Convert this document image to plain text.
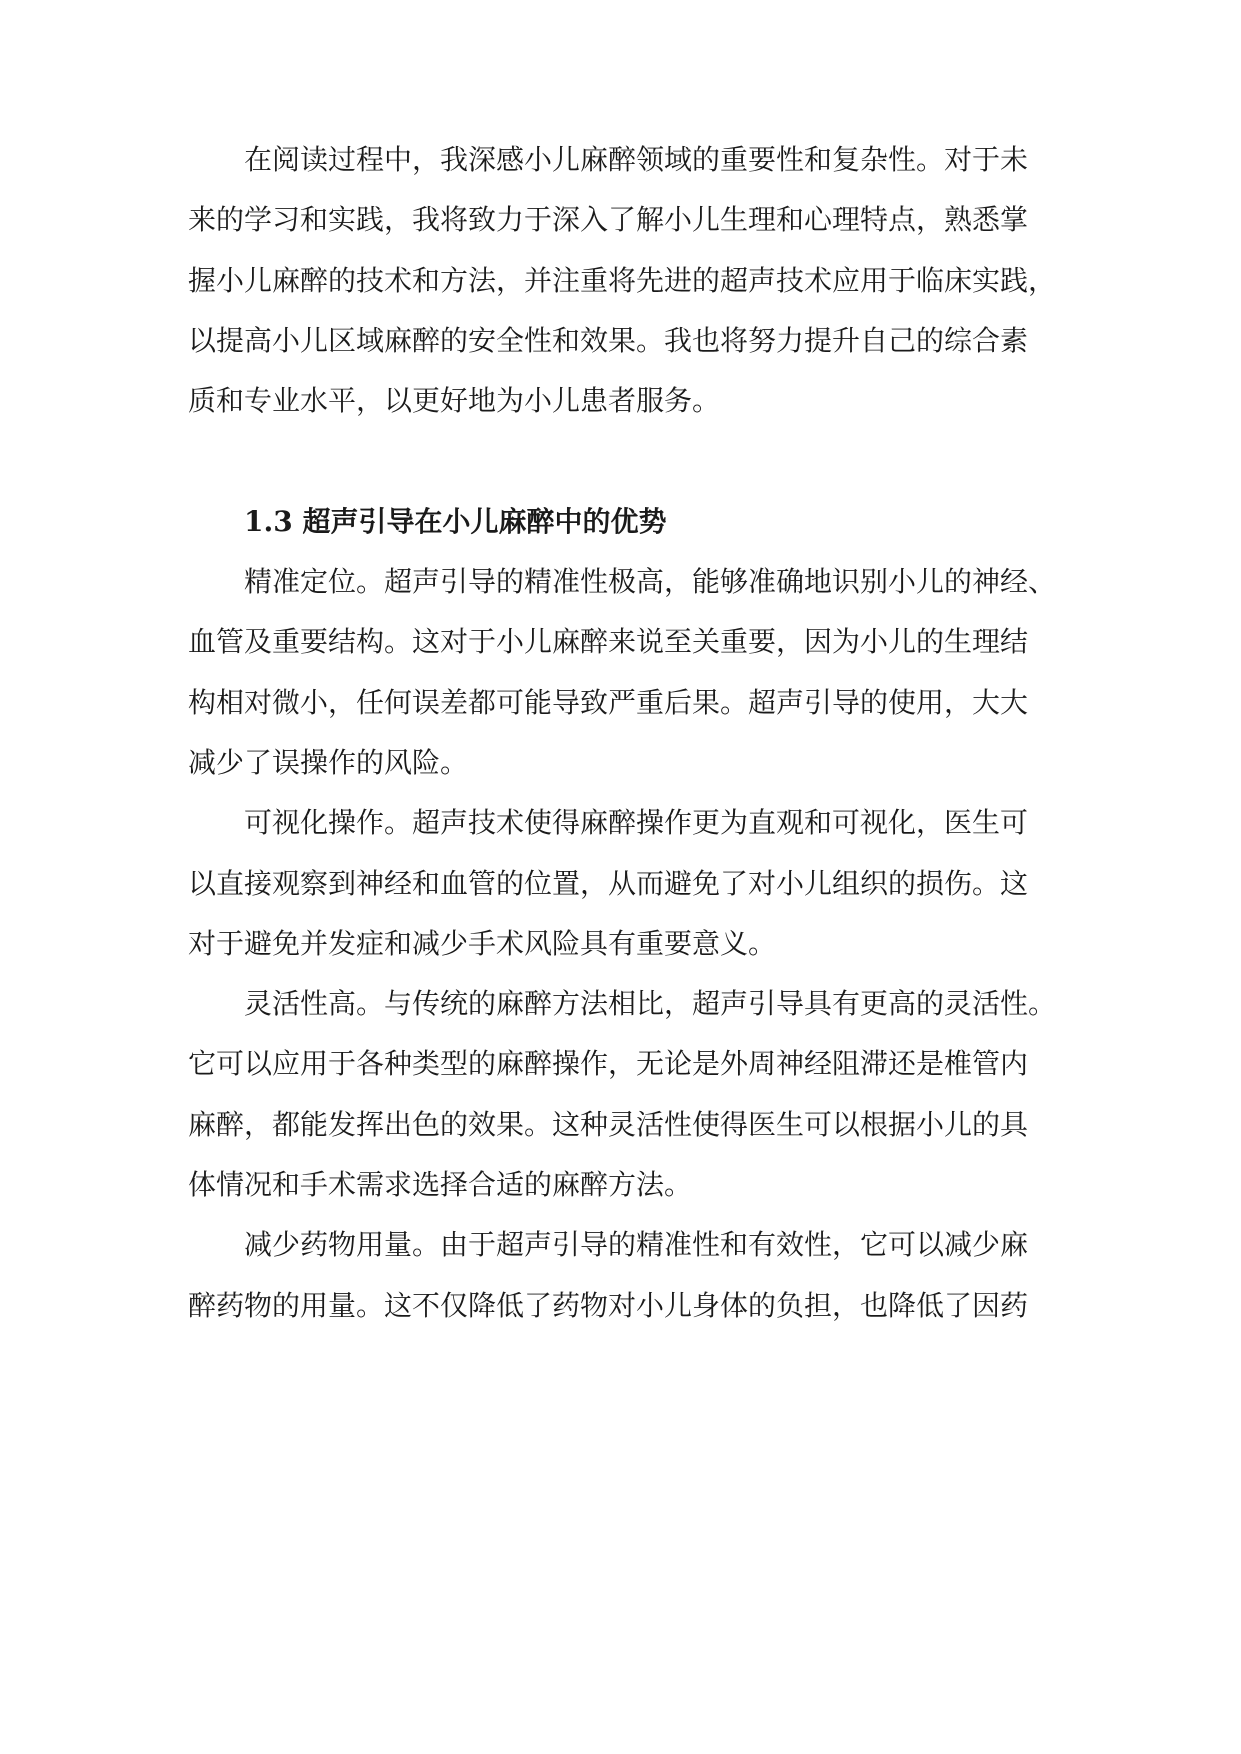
在阅读过程中，我深感小儿麻醉领域的重要性和复杂性。对于未
来的学习和实践，我将致力于深入了解小儿生理和心理特点，熟悉掌
握小儿麻醉的技术和方法，并注重将先进的超声技术应用于临床实践，
以提高小儿区域麻醉的安全性和效果。我也将努力提升自己的综合素
质和专业水平，以更好地为小儿患者服务。
1.3 超声引导在小儿麻醉中的优势
精准定位。超声引导的精准性极高，能够准确地识别小儿的神经、
血管及重要结构。这对于小儿麻醉来说至关重要，因为小儿的生理结
构相对微小，任何误差都可能导致严重后果。超声引导的使用，大大
减少了误操作的风险。
可视化操作。超声技术使得麻醉操作更为直观和可视化，医生可
以直接观察到神经和血管的位置，从而避免了对小儿组织的损伤。这
对于避免并发症和减少手术风险具有重要意义。
灵活性高。与传统的麻醉方法相比，超声引导具有更高的灵活性。
它可以应用于各种类型的麻醉操作，无论是外周神经阻滞还是椎管内
麻醉，都能发挥出色的效果。这种灵活性使得医生可以根据小儿的具
体情况和手术需求选择合适的麻醉方法。
减少药物用量。由于超声引导的精准性和有效性，它可以减少麻
醉药物的用量。这不仅降低了药物对小儿身体的负担，也降低了因药
